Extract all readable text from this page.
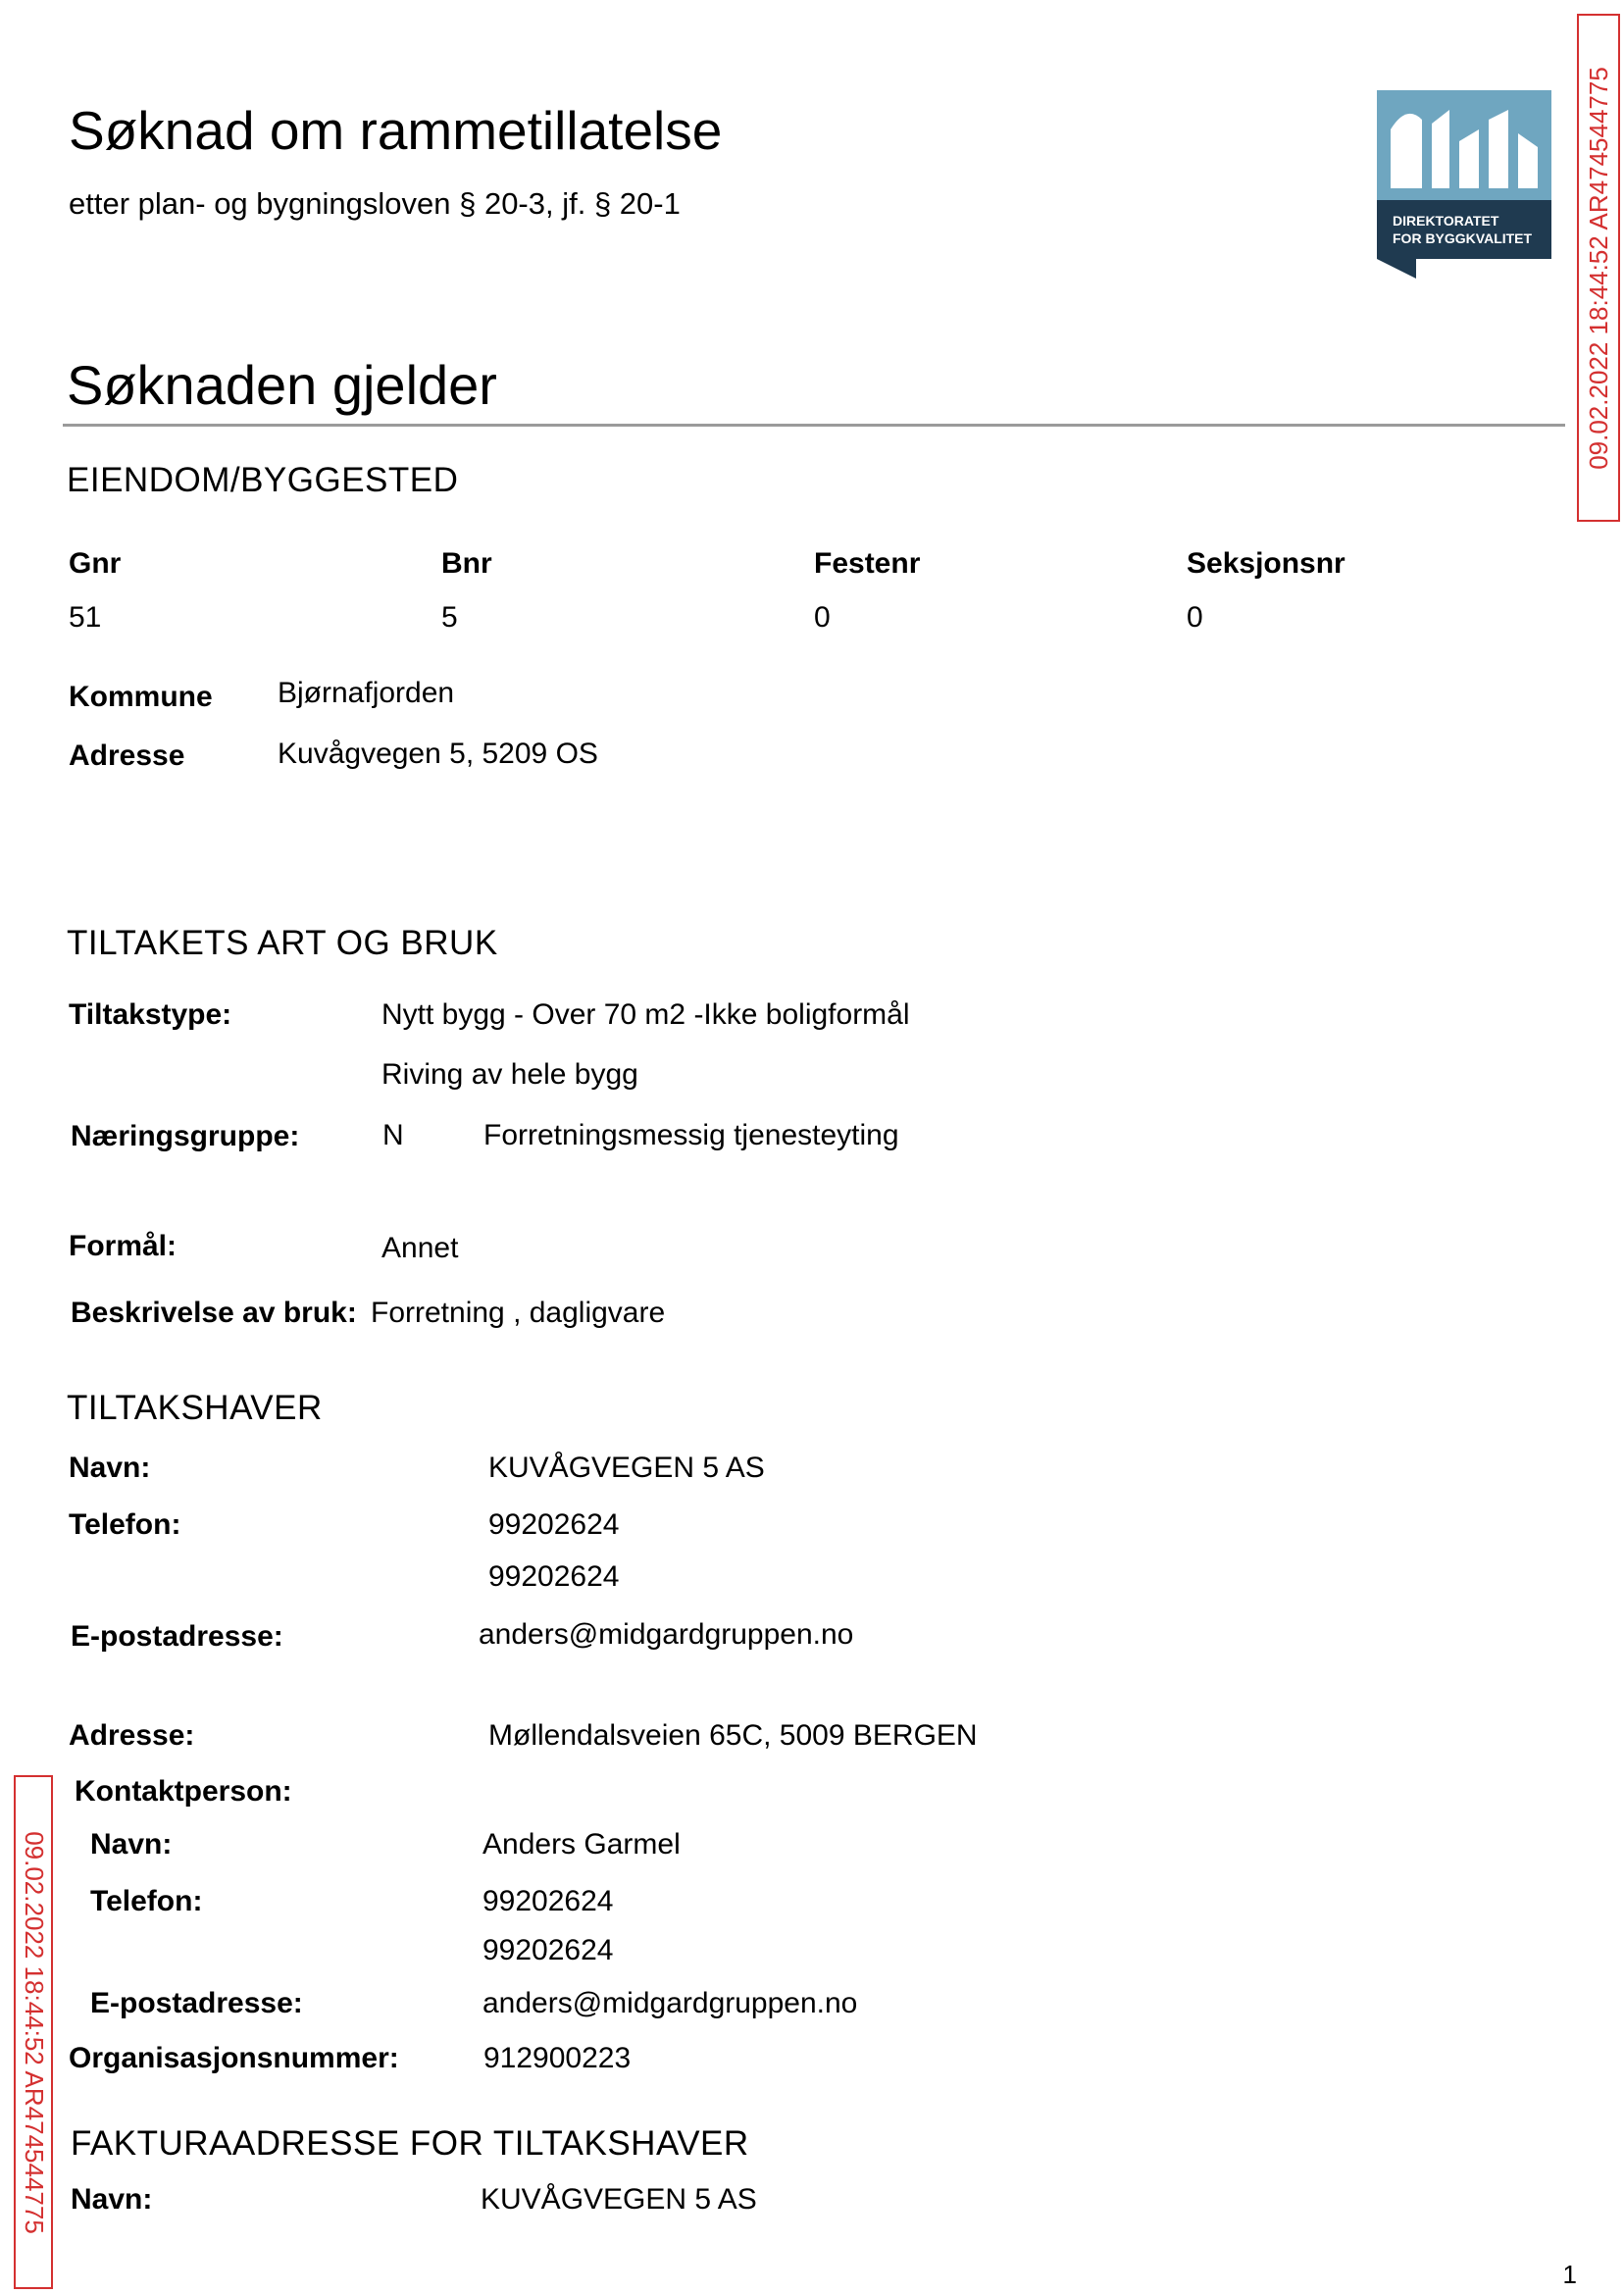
Søknad om rammetillatelse
etter plan- og bygningsloven § 20-3, jf. § 20-1	DIREKTORATET
FOR BYGGKVALITET 09.02.2022 18:44:52 AR474544775
09.02.2022 18:44:52 AR474544775
Søknaden gjelder
EIENDOM/BYGGESTED
Gnr	Bnr	Festenr	Seksjonsnr
51	5	0	0
Kommune Bjørnafjorden
Adresse	Kuvågvegen 5, 5209 OS
TILTAKETS ART OG BRUK
Tiltakstype:	Nytt bygg - Over 70 m2 -Ikke boligformål
Riving av hele bygg
Næringsgruppe:	N	Forretningsmessig tjenesteyting
Formål:	Annet
Beskrivelse av bruk: Forretning , dagligvare
TILTAKSHAVER
Navn:	KUVÅGVEGEN 5 AS
Telefon:	99202624
99202624
E-postadresse:	anders@midgardgruppen.no
Adresse:	Møllendalsveien 65C, 5009 BERGEN
Kontaktperson:
Navn:	Anders Garmel
Telefon:	99202624
99202624
E-postadresse:	anders@midgardgruppen.no
Organisasjonsnummer:	912900223
FAKTURAADRESSE FOR TILTAKSHAVER
Navn:	KUVÅGVEGEN 5 AS
1
